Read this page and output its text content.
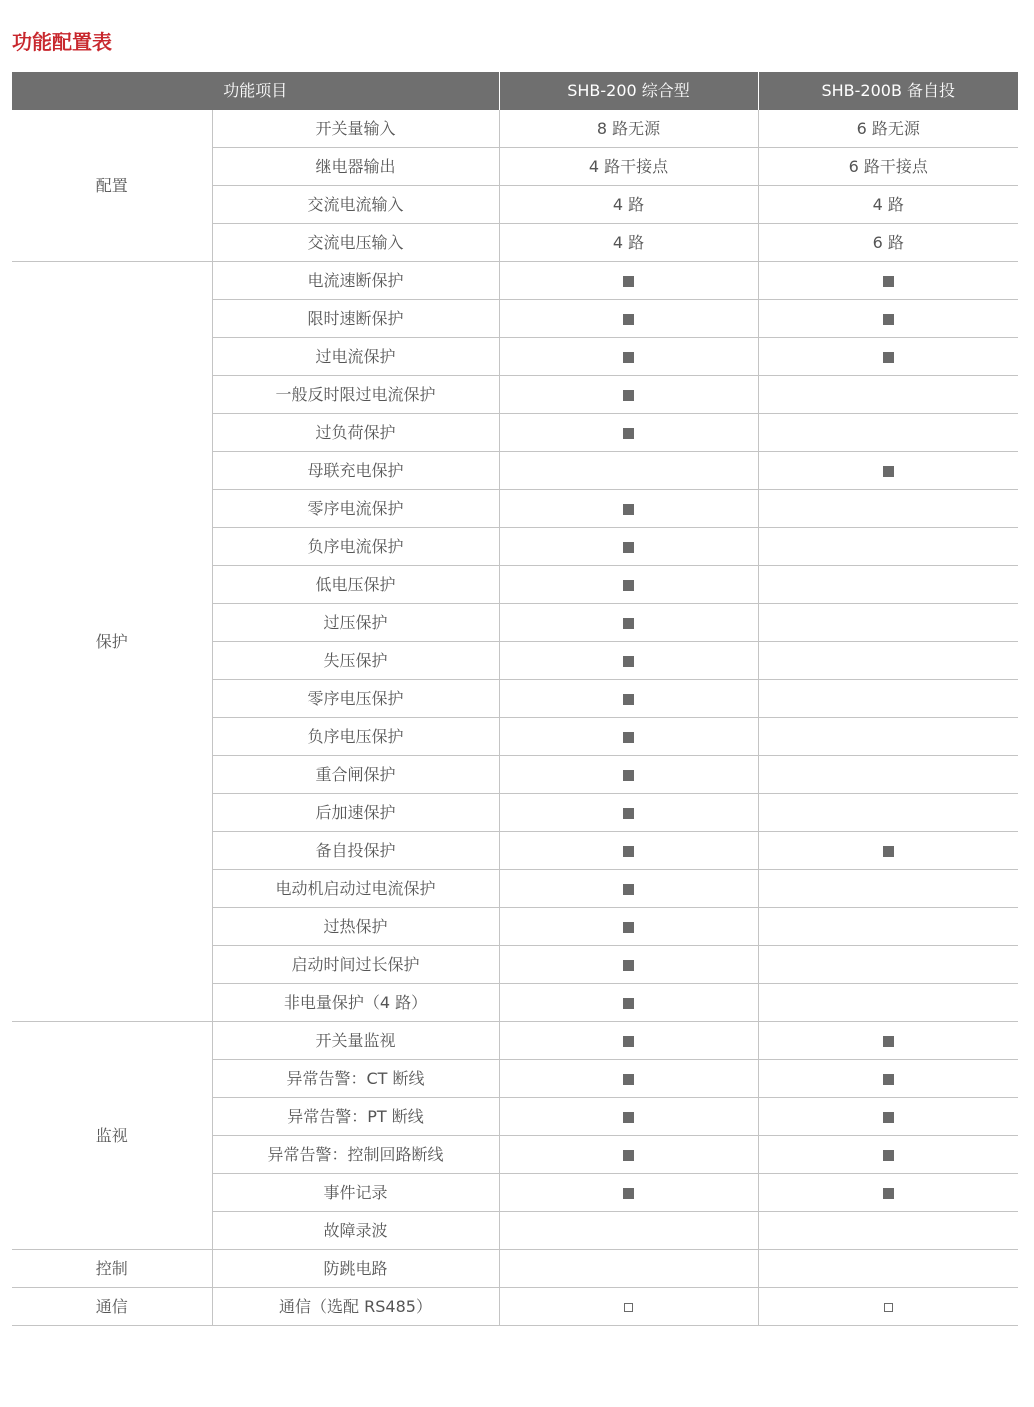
功能配置表
功能项目		SHB-200 综合型	SHB-200B 备自投
配置	开关量输入	8 路无源	6 路无源
	继电器输出	4 路干接点	6 路干接点
	交流电流输入	4 路	4 路
	交流电压输入	4 路	6 路
保护	电流速断保护		
	限时速断保护		
	过电流保护		
	一般反时限过电流保护		
	过负荷保护		
	母联充电保护		
	零序电流保护		
	负序电流保护		
	低电压保护		
	过压保护		
	失压保护		
	零序电压保护		
	负序电压保护		
	重合闸保护		
	后加速保护		
	备自投保护		
	电动机启动过电流保护		
	过热保护		
	启动时间过长保护		
	非电量保护（4 路）		
监视	开关量监视		
	异常告警：CT 断线		
	异常告警：PT 断线		
	异常告警：控制回路断线		
	事件记录		
	故障录波		
控制	防跳电路		
通信	通信（选配 RS485）		
